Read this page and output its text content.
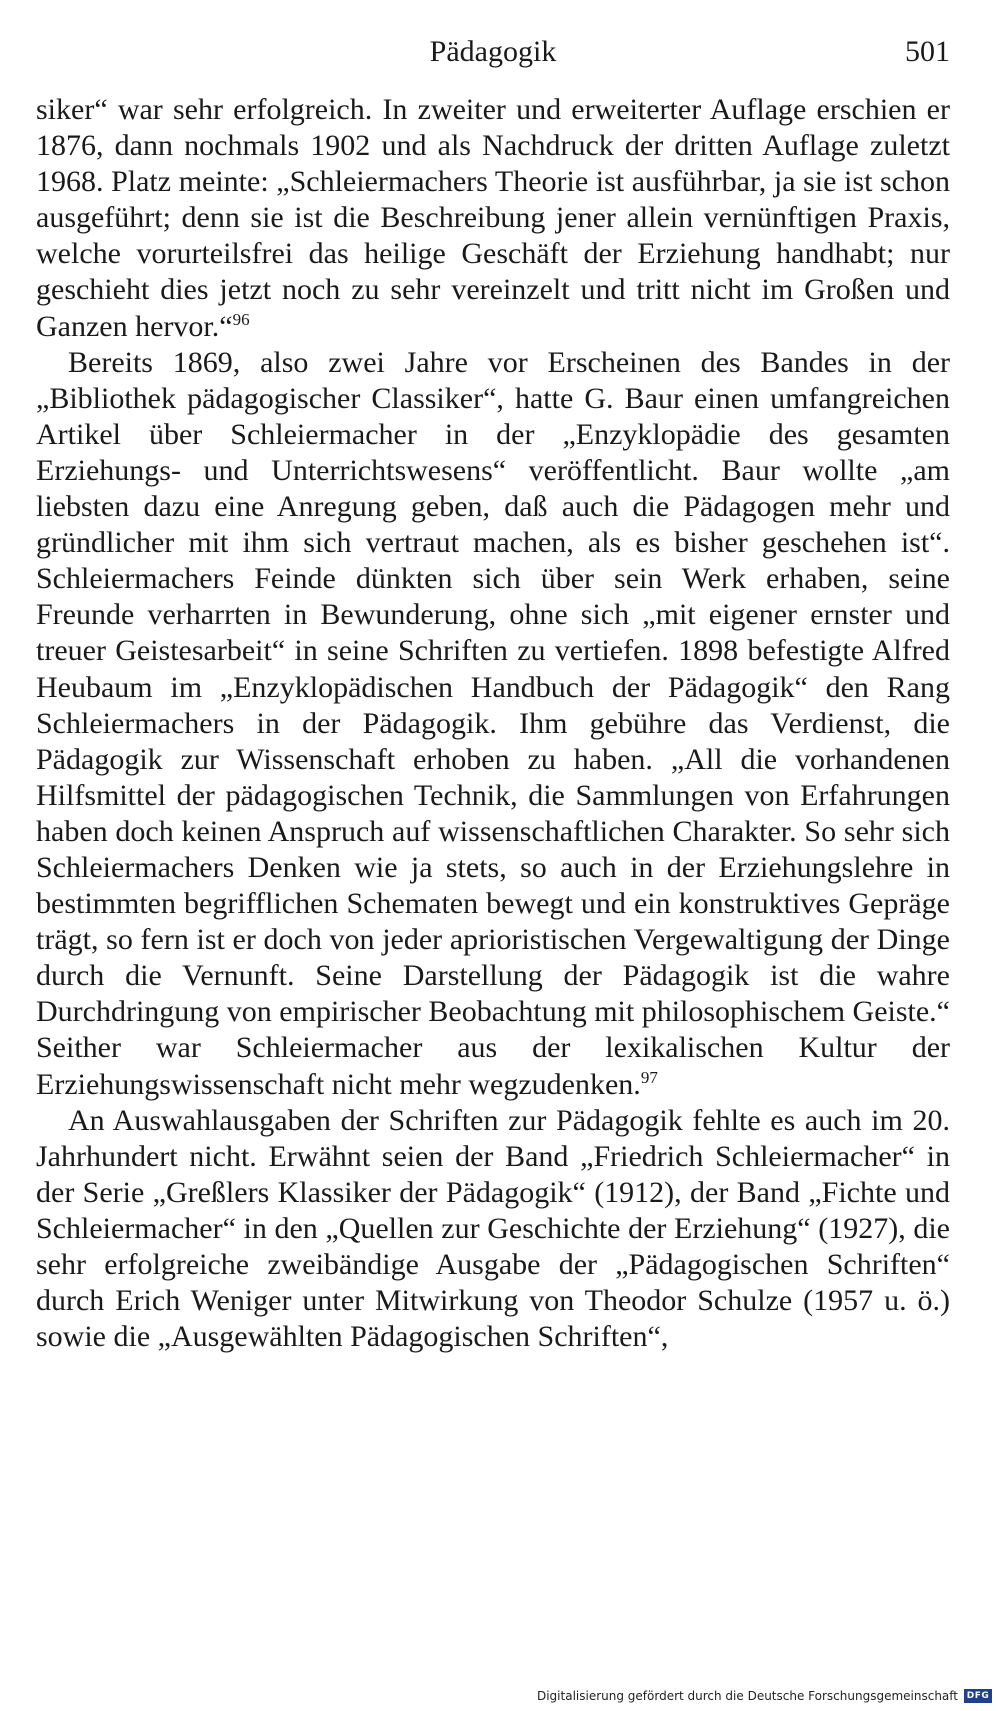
Pädagogik	501

siker“ war sehr erfolgreich. In zweiter und erweiterter Auflage erschien er 1876, dann nochmals 1902 und als Nachdruck der dritten Auflage zuletzt 1968. Platz meinte: „Schleiermachers Theorie ist ausführbar, ja sie ist schon ausgeführt; denn sie ist die Beschreibung jener allein vernünftigen Praxis, welche vorurteilsfrei das heilige Geschäft der Erziehung handhabt; nur geschieht dies jetzt noch zu sehr vereinzelt und tritt nicht im Großen und Ganzen hervor.“$^{96}$

Bereits 1869, also zwei Jahre vor Erscheinen des Bandes in der „Bibliothek pädagogischer Classiker“, hatte G. Baur einen umfangreichen Artikel über Schleiermacher in der „Enzyklopädie des gesamten Erziehungs- und Unterrichtswesens“ veröffentlicht. Baur wollte „am liebsten dazu eine Anregung geben, daß auch die Pädagogen mehr und gründlicher mit ihm sich vertraut machen, als es bisher geschehen ist“. Schleiermachers Feinde dünkten sich über sein Werk erhaben, seine Freunde verharrten in Bewunderung, ohne sich „mit eigener ernster und treuer Geistesarbeit“ in seine Schriften zu vertiefen. 1898 befestigte Alfred Heubaum im „Enzyklopädischen Handbuch der Pädagogik“ den Rang Schleiermachers in der Pädagogik. Ihm gebühre das Verdienst, die Pädagogik zur Wissenschaft erhoben zu haben. „All die vorhandenen Hilfsmittel der pädagogischen Technik, die Sammlungen von Erfahrungen haben doch keinen Anspruch auf wissenschaftlichen Charakter. So sehr sich Schleiermachers Denken wie ja stets, so auch in der Erziehungslehre in bestimmten begrifflichen Schematen bewegt und ein konstruktives Gepräge trägt, so fern ist er doch von jeder aprioristischen Vergewaltigung der Dinge durch die Vernunft. Seine Darstellung der Pädagogik ist die wahre Durchdringung von empirischer Beobachtung mit philosophischem Geiste.“ Seither war Schleiermacher aus der lexikalischen Kultur der Erziehungswissenschaft nicht mehr wegzudenken.$^{97}$

An Auswahlausgaben der Schriften zur Pädagogik fehlte es auch im 20. Jahrhundert nicht. Erwähnt seien der Band „Friedrich Schleiermacher“ in der Serie „Greßlers Klassiker der Pädagogik“ (1912), der Band „Fichte und Schleiermacher“ in den „Quellen zur Geschichte der Erziehung“ (1927), die sehr erfolgreiche zweibändige Ausgabe der „Pädagogischen Schriften“ durch Erich Weniger unter Mitwirkung von Theodor Schulze (1957 u. ö.) sowie die „Ausgewählten Pädagogischen Schriften“,

Digitalisierung gefördert durch die Deutsche Forschungsgemeinschaft DFG
